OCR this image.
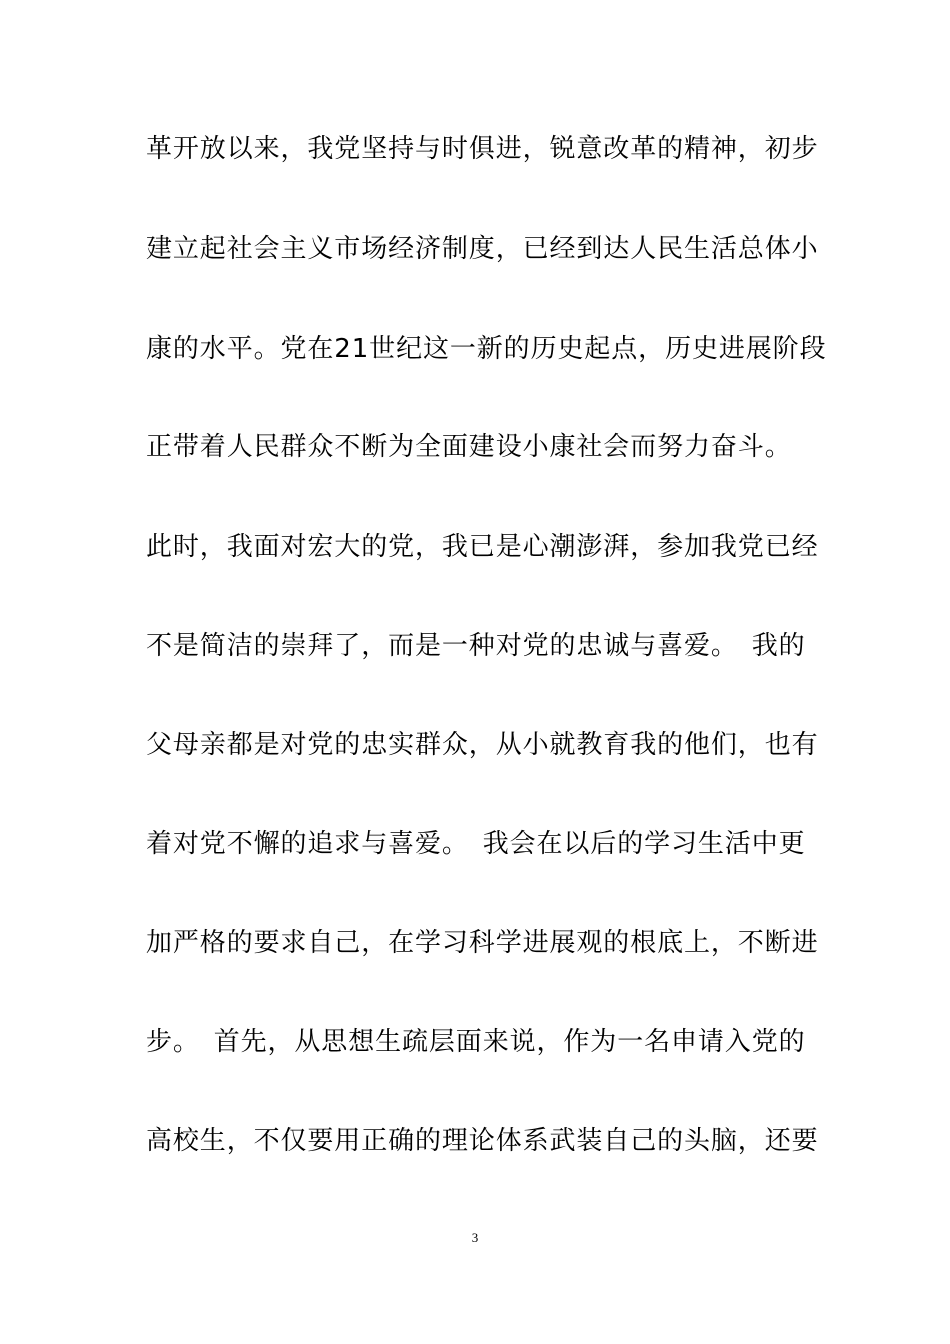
革开放以来，我党坚持与时俱进，锐意改革的精神，初步
建立起社会主义市场经济制度，已经到达人民生活总体小
康的水平。党在21世纪这一新的历史起点，历史进展阶段
正带着人民群众不断为全面建设小康社会而努力奋斗。
此时，我面对宏大的党，我已是心潮澎湃，参加我党已经
不是简洁的崇拜了，而是一种对党的忠诚与喜爱。　我的
父母亲都是对党的忠实群众，从小就教育我的他们，也有
着对党不懈的追求与喜爱。　我会在以后的学习生活中更
加严格的要求自己，在学习科学进展观的根底上，不断进
步。　首先，从思想生疏层面来说，作为一名申请入党的
高校生，不仅要用正确的理论体系武装自己的头脑，还要
3
